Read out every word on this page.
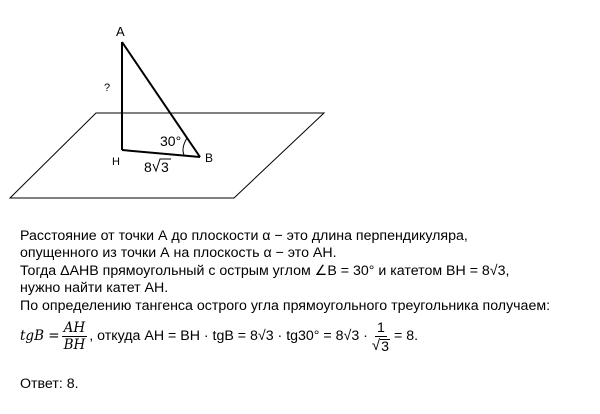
A
H	B
?
30°
8 3
Расстояние от точки А до плоскости α − это длина перпендикуляра,
опущенного из точки А на плоскость α − это АН.
Тогда ΔАНВ прямоугольный с острым углом ∠В = 30° и катетом ВН = 8√3,
нужно найти катет АН.
По определению тангенса острого угла прямоугольного треугольника получаем:
tgB = $\frac{AH}{BH}$ , откуда AH = BH · tgB = $8√3 \cdot tg30^\circ = 8√3 \cdot \frac{1}{√ 3} = 8$.
Ответ: 8.
